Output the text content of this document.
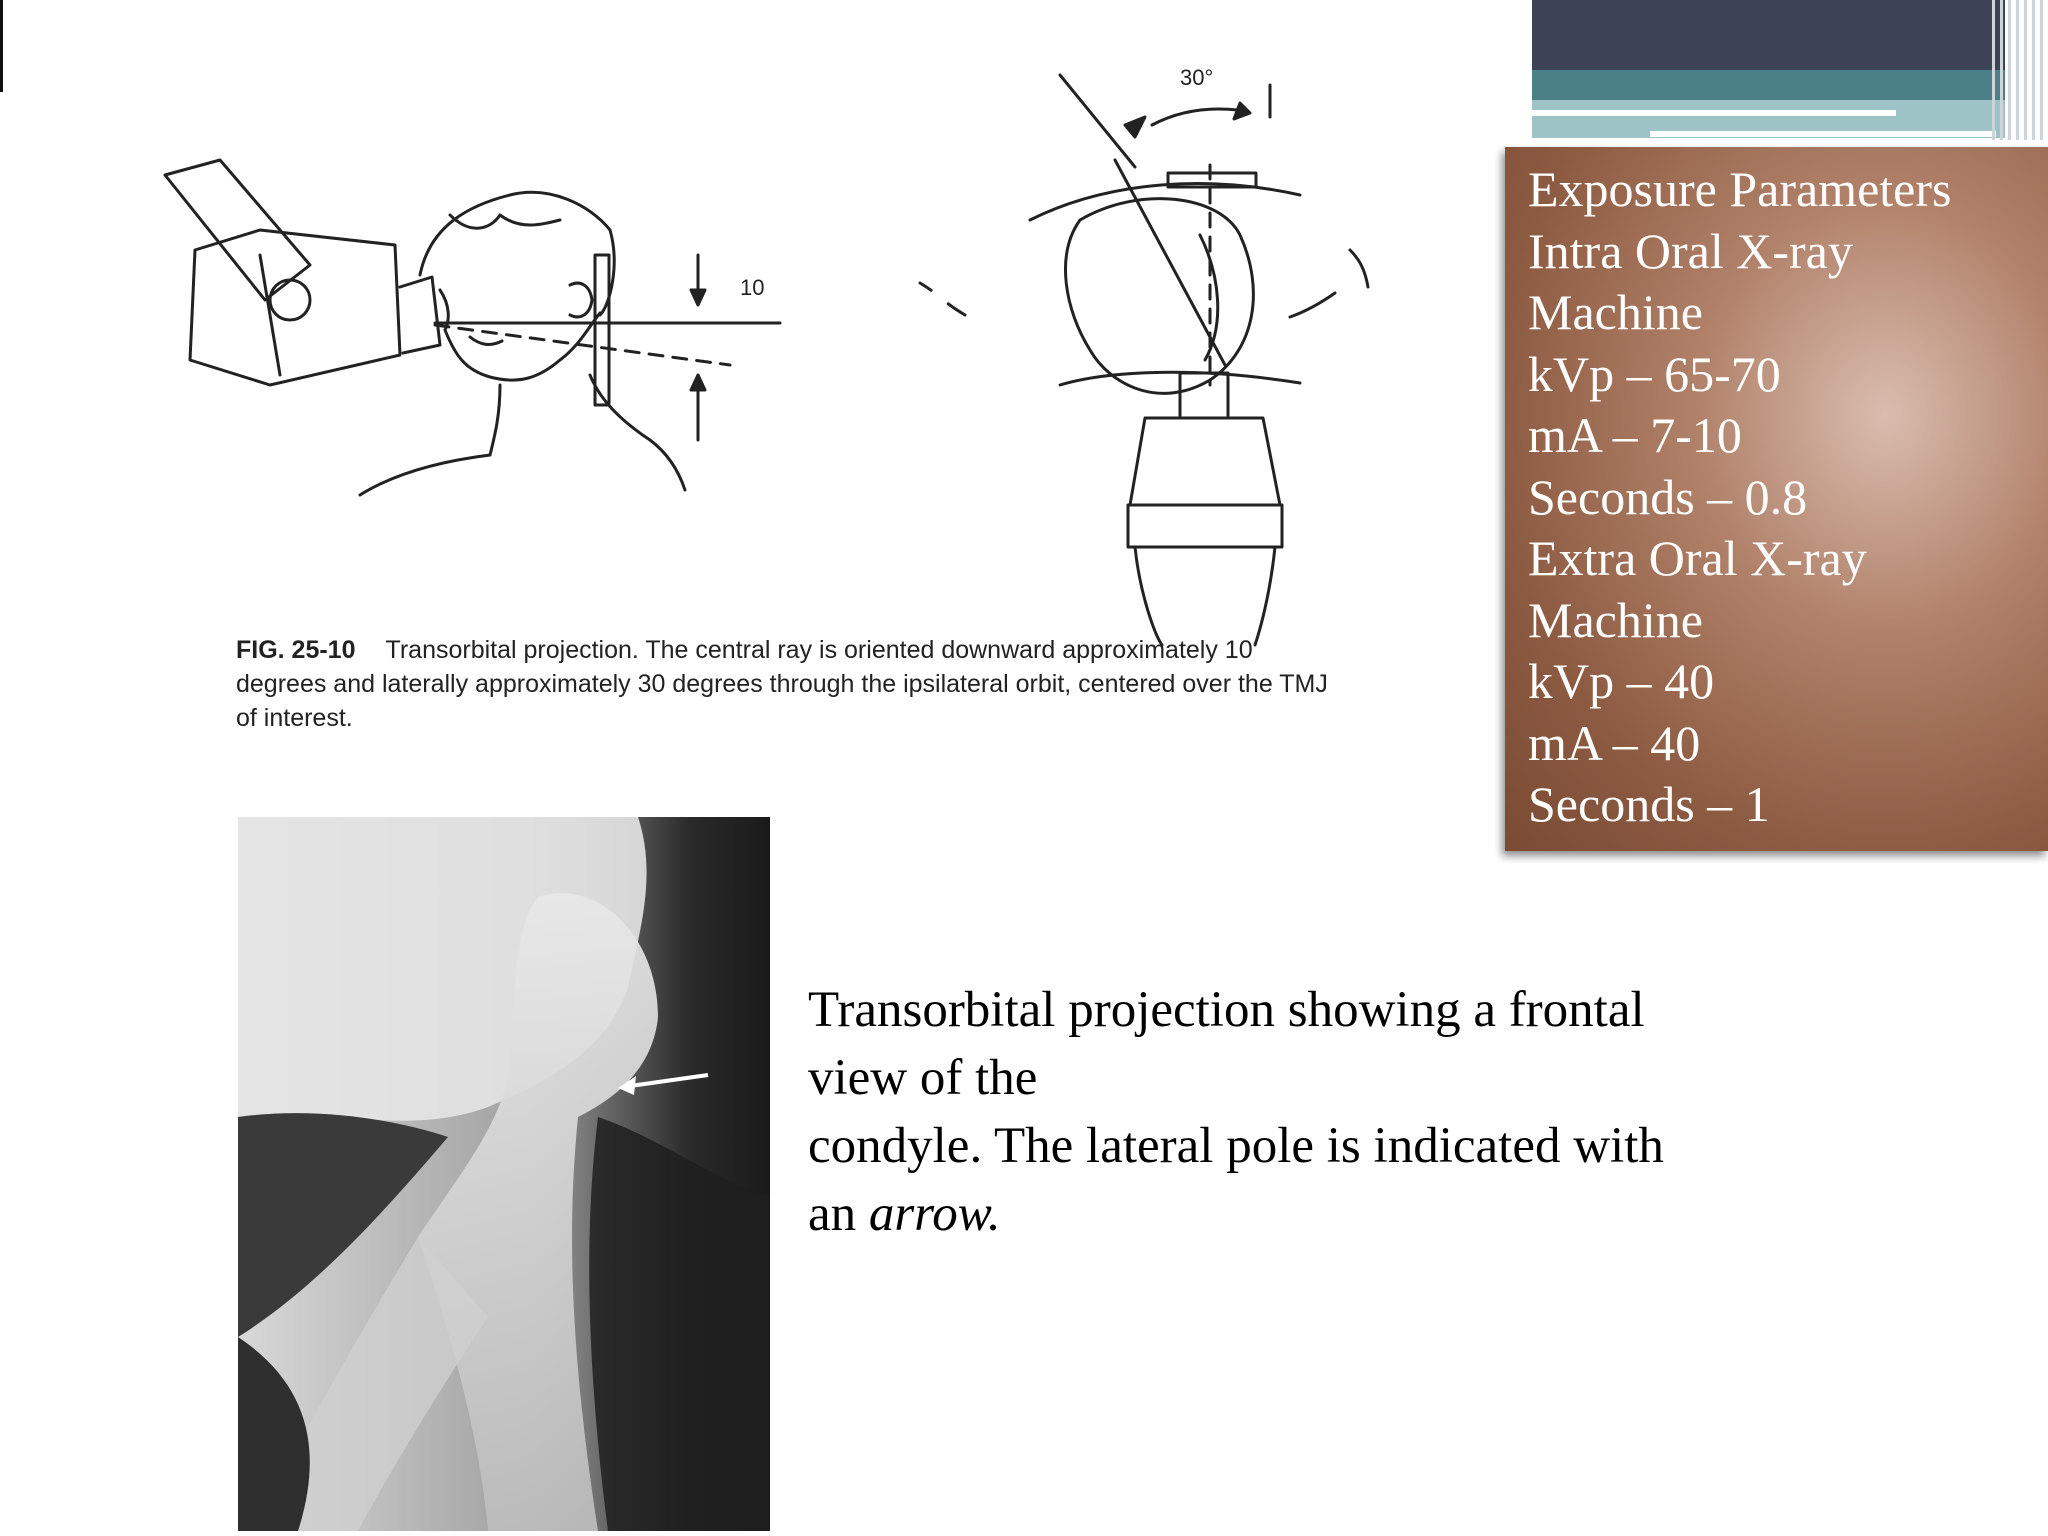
Exposure Parameters
Intra Oral X-ray
Machine
kVp – 65-70
mA – 7-10
Seconds – 0.8
Extra Oral X-ray
Machine
kVp – 40
mA – 40
Seconds – 1
10
30°
FIG. 25-10 Transorbital projection. The central ray is oriented downward approximately 10 degrees and laterally approximately 30 degrees through the ipsilateral orbit, centered over the TMJ of interest.
Transorbital projection showing a frontal
view of the
condyle. The lateral pole is indicated with
an arrow.
